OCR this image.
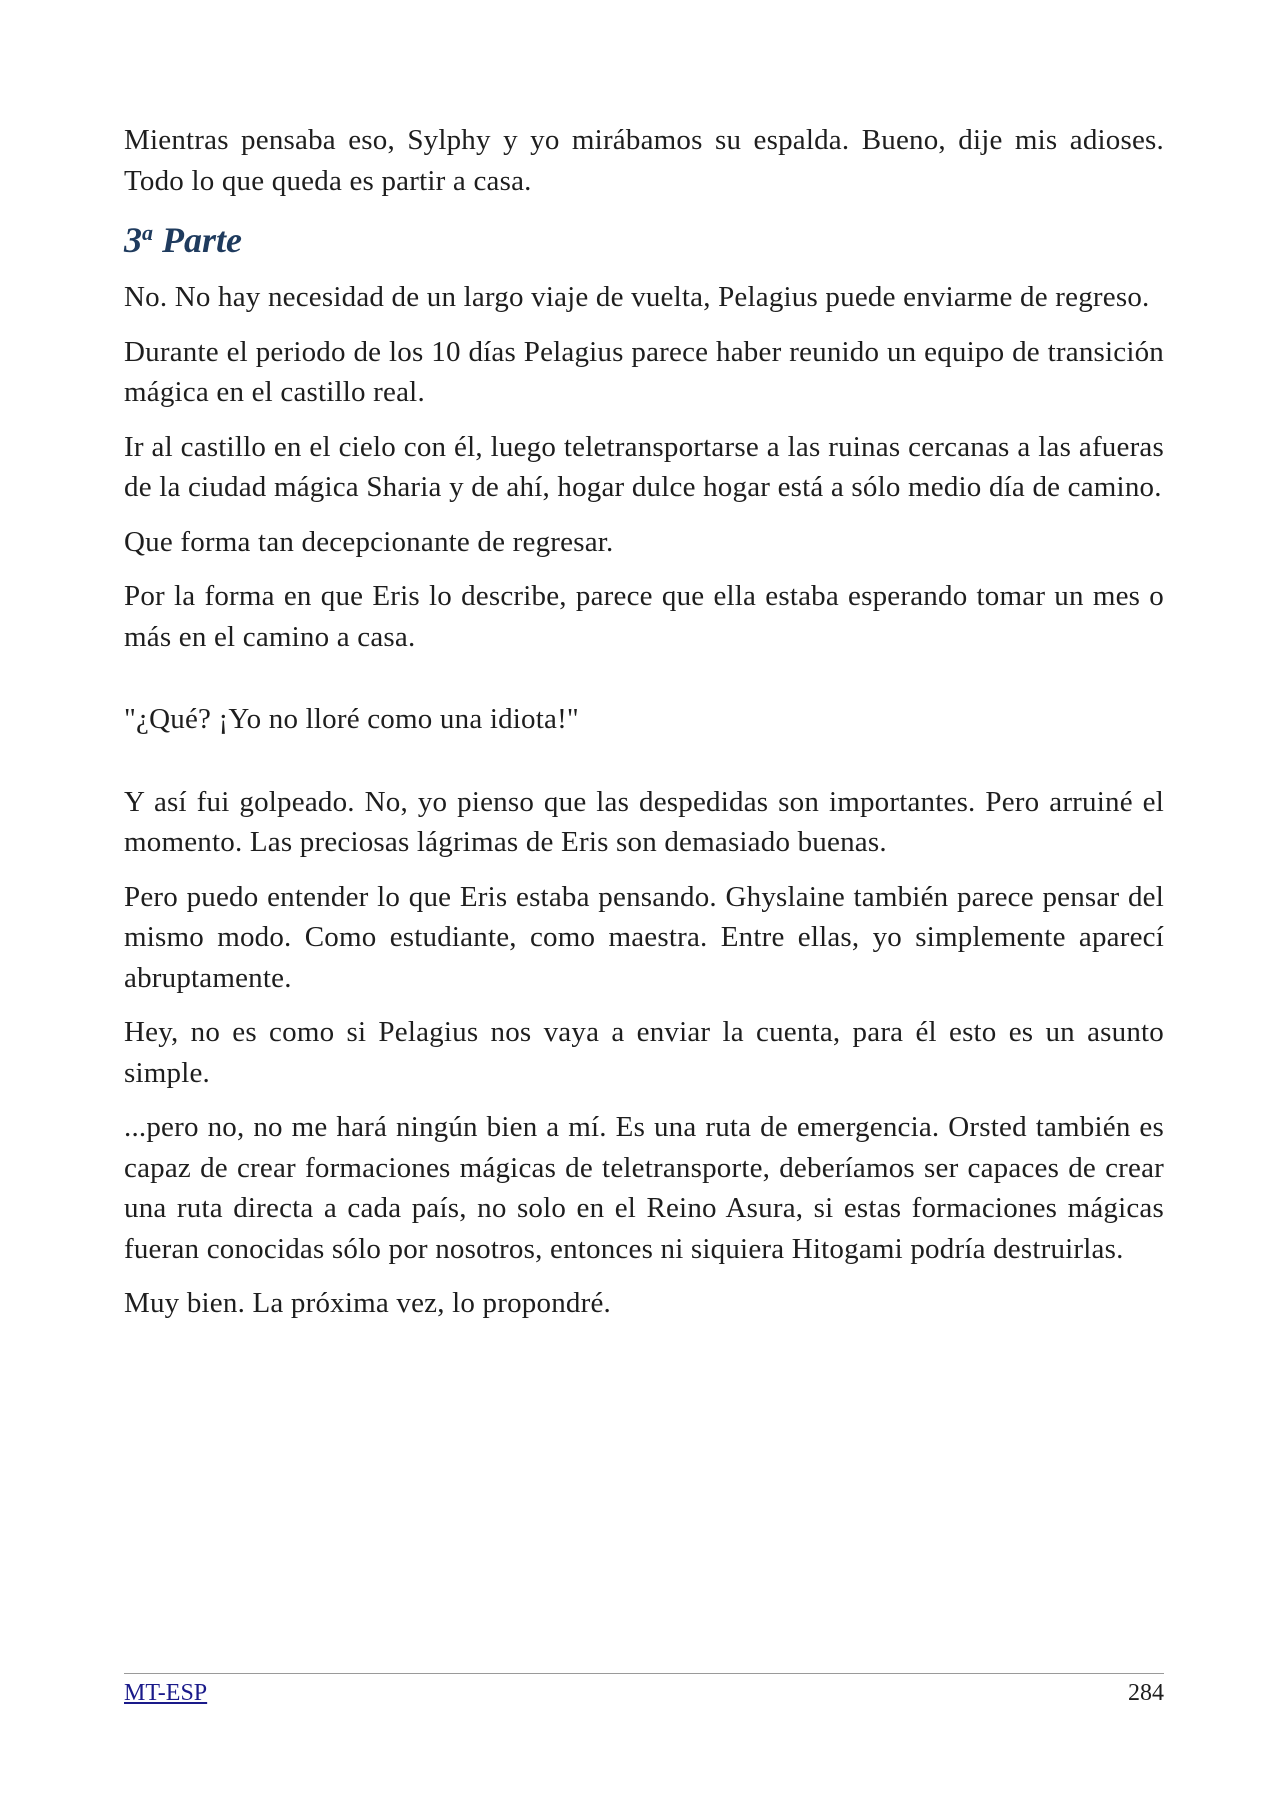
Mientras pensaba eso, Sylphy y yo mirábamos su espalda. Bueno, dije mis adioses. Todo lo que queda es partir a casa.

3$^a$ Parte

No. No hay necesidad de un largo viaje de vuelta, Pelagius puede enviarme de regreso.

Durante el periodo de los 10 días Pelagius parece haber reunido un equipo de transición mágica en el castillo real.

Ir al castillo en el cielo con él, luego teletransportarse a las ruinas cercanas a las afueras de la ciudad mágica Sharia y de ahí, hogar dulce hogar está a sólo medio día de camino.

Que forma tan decepcionante de regresar.

Por la forma en que Eris lo describe, parece que ella estaba esperando tomar un mes o más en el camino a casa.

"¿Qué? ¡Yo no lloré como una idiota!"

Y así fui golpeado. No, yo pienso que las despedidas son importantes. Pero arruiné el momento. Las preciosas lágrimas de Eris son demasiado buenas.

Pero puedo entender lo que Eris estaba pensando. Ghyslaine también parece pensar del mismo modo. Como estudiante, como maestra. Entre ellas, yo simplemente aparecí abruptamente.

Hey, no es como si Pelagius nos vaya a enviar la cuenta, para él esto es un asunto simple.

...pero no, no me hará ningún bien a mí. Es una ruta de emergencia. Orsted también es capaz de crear formaciones mágicas de teletransporte, deberíamos ser capaces de crear una ruta directa a cada país, no solo en el Reino Asura, si estas formaciones mágicas fueran conocidas sólo por nosotros, entonces ni siquiera Hitogami podría destruirlas.

Muy bien. La próxima vez, lo propondré.

MT-ESP	284
